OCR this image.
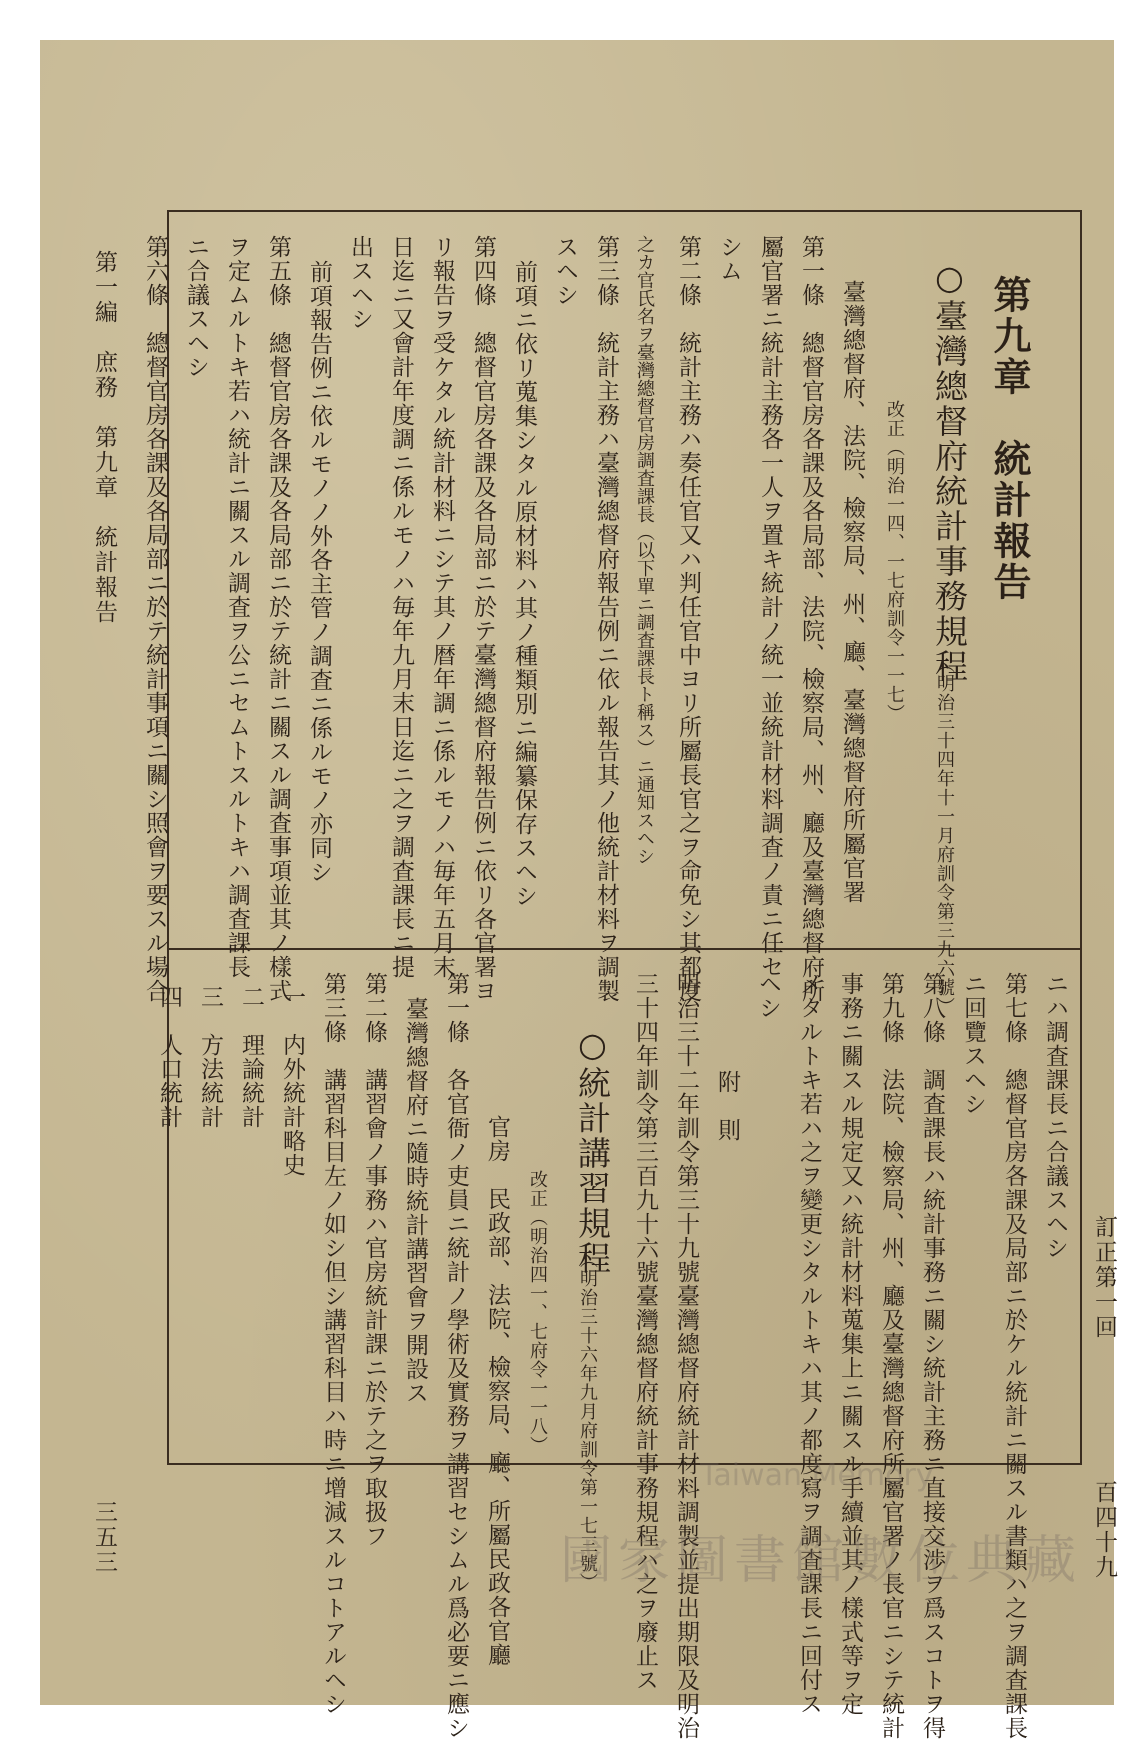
訂正第一回
百四十九
第一編　庶務　第九章　統計報告
三五三
第九章　統計報告
○臺灣總督府統計事務規程
（明治三十四年十一月府訓令第三九六號）
改正（明治一四、一七府訓令一一七）
臺灣總督府、法院、檢察局、州、廳、臺灣總督府所屬官署
第一條　總督官房各課及各局部、法院、檢察局、州、廳及臺灣總督府所
屬官署ニ統計主務各一人ヲ置キ統計ノ統一並統計材料調査ノ責ニ任セ
シム
第二條　統計主務ハ奏任官又ハ判任官中ヨリ所屬長官之ヲ命免シ其都度
之カ官氏名ヲ臺灣總督官房調査課長（以下單ニ調査課長ト稱ス）ニ通知スヘシ
第三條　統計主務ハ臺灣總督府報告例ニ依ル報告其ノ他統計材料ヲ調製
スヘシ
前項ニ依リ蒐集シタル原材料ハ其ノ種類別ニ編纂保存スヘシ
第四條　總督官房各課及各局部ニ於テ臺灣總督府報告例ニ依リ各官署ヨ
リ報告ヲ受ケタル統計材料ニシテ其ノ暦年調ニ係ルモノハ毎年五月末
日迄ニ又會計年度調ニ係ルモノハ毎年九月末日迄ニ之ヲ調査課長ニ提
出スヘシ
前項報告例ニ依ルモノノ外各主管ノ調査ニ係ルモノ亦同シ
第五條　總督官房各課及各局部ニ於テ統計ニ關スル調査事項並其ノ樣式
ヲ定ムルトキ若ハ統計ニ關スル調査ヲ公ニセムトスルトキハ調査課長
ニ合議スヘシ
第六條　總督官房各課及各局部ニ於テ統計事項ニ關シ照會ヲ要スル場合
ニハ調査課長ニ合議スヘシ
第七條　總督官房各課及局部ニ於ケル統計ニ關スル書類ハ之ヲ調査課長
ニ回覽スヘシ
第八條　調査課長ハ統計事務ニ關シ統計主務ニ直接交渉ヲ爲スコトヲ得
第九條　法院、檢察局、州、廳及臺灣總督府所屬官署ノ長官ニシテ統計
事務ニ關スル規定又ハ統計材料蒐集上ニ關スル手續並其ノ樣式等ヲ定
メタルトキ若ハ之ヲ變更シタルトキハ其ノ都度寫ヲ調査課長ニ回付ス
ヘシ
附　則
明治三十二年訓令第三十九號臺灣總督府統計材料調製並提出期限及明治
三十四年訓令第三百九十六號臺灣總督府統計事務規程ハ之ヲ廢止ス
○統計講習規程
（明治三十六年九月府訓令第一七三號）
改正（明治四一、七府令一一八）
官房　民政部、法院、檢察局、廳、所屬民政各官廳
第一條　各官衙ノ吏員ニ統計ノ學術及實務ヲ講習セシムル爲必要ニ應シ
臺灣總督府ニ隨時統計講習會ヲ開設ス
第二條　講習會ノ事務ハ官房統計課ニ於テ之ヲ取扱フ
第三條　講習科目左ノ如シ但シ講習科目ハ時ニ增減スルコトアルヘシ
一　内外統計略史
二　理論統計
三　方法統計
四　人口統計
Taiwan Memory
國家圖書館數位典藏
